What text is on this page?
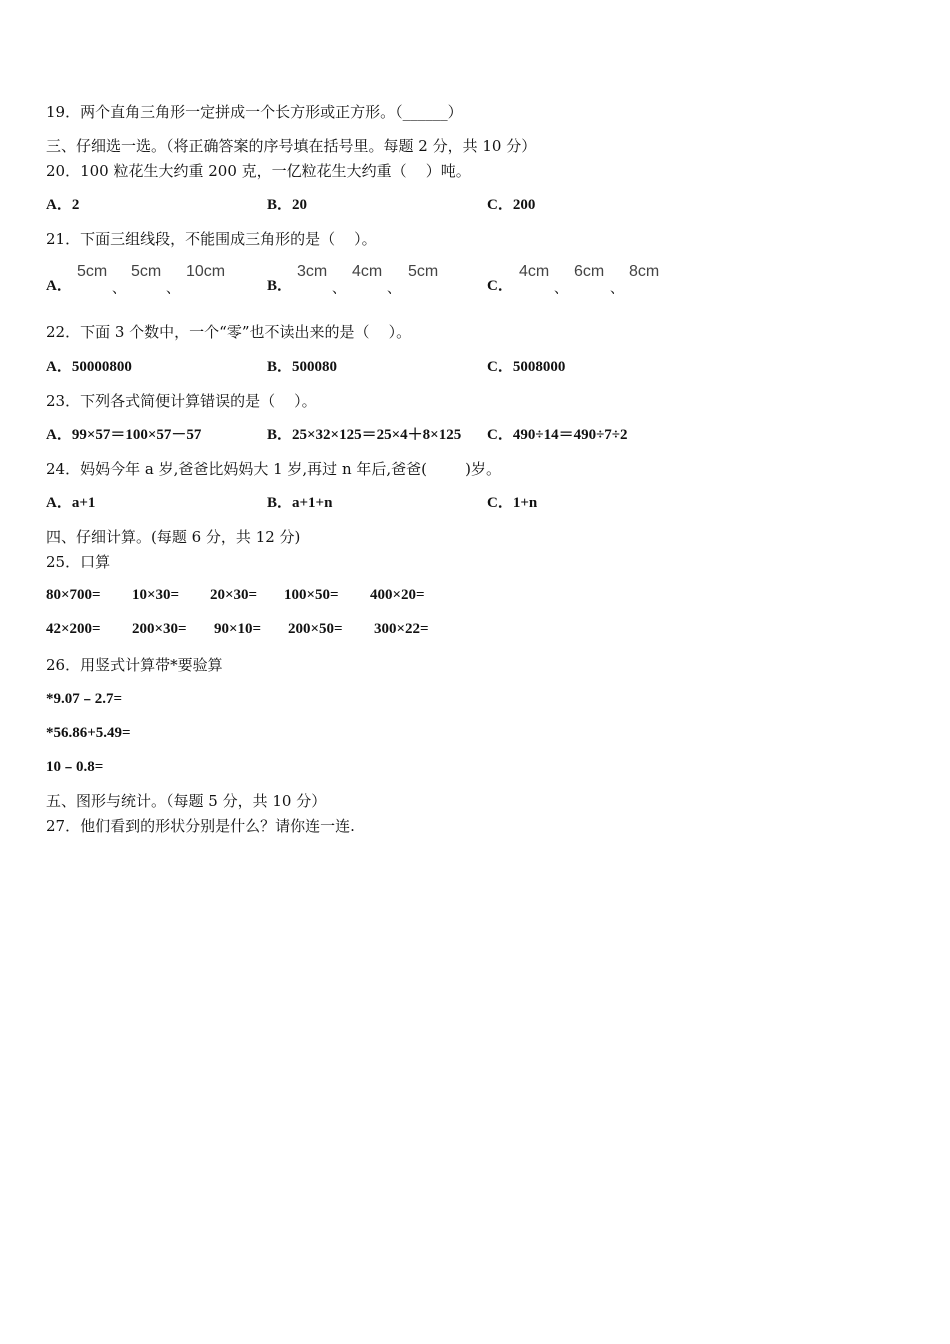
19．两个直角三角形一定拼成一个长方形或正方形。（______）
三、仔细选一选。（将正确答案的序号填在括号里。每题 2 分，共 10 分）
20．100 粒花生大约重 200 克，一亿粒花生大约重（    ）吨。
A．2	B．20	C．200
21．下面三组线段，不能围成三角形的是（    ）。
A．
5cm
、
5cm
、
10cm
B．
3cm
、
4cm
、
5cm
C．
4cm
、
6cm
、
8cm
22．下面 3 个数中，一个“零”也不读出来的是（    ）。
A．50000800	B．500080	C．5008000
23．下列各式简便计算错误的是（    ）。
A．99×57＝100×57－57	B．25×32×125＝25×4＋8×125 C．490÷14＝490÷7÷2
24．妈妈今年 a 岁,爸爸比妈妈大 1 岁,再过 n 年后,爸爸(        )岁。
A．a+1	B．a+1+n	C．1+n
四、仔细计算。(每题 6 分，共 12 分)
25．口算
80×700= 10×30= 20×30= 100×50= 400×20=
42×200= 200×30= 90×10= 200×50= 300×22=
26．用竖式计算带*要验算
*9.07﹣2.7=
*56.86+5.49=
10﹣0.8=
五、图形与统计。（每题 5 分，共 10 分）
27．他们看到的形状分别是什么？请你连一连.
